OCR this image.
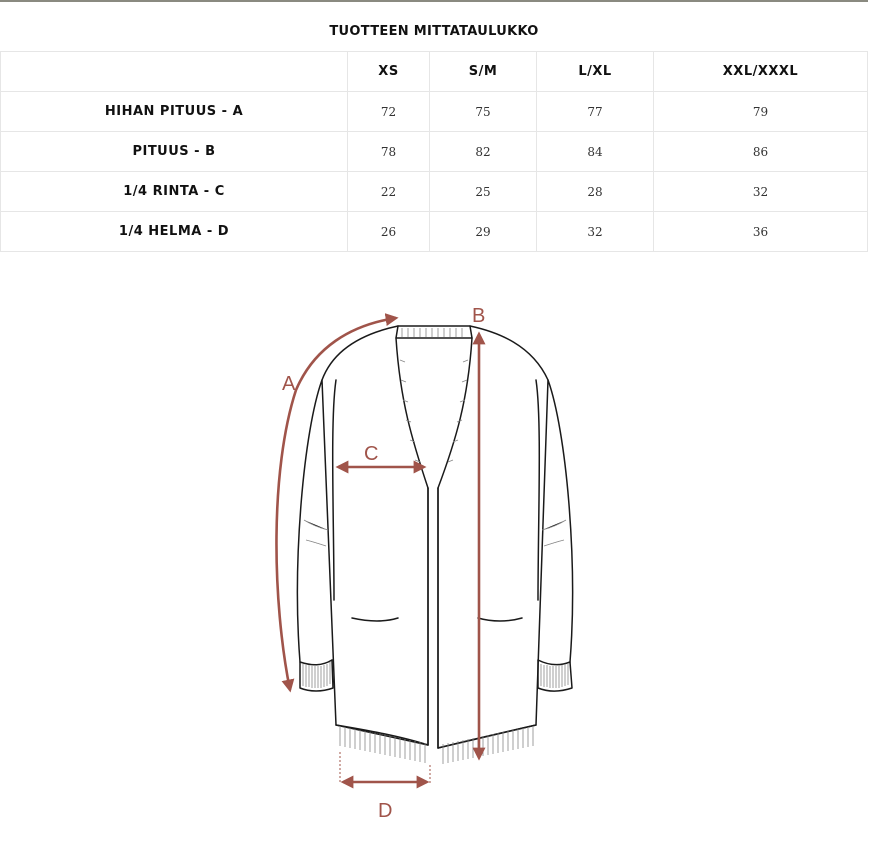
TUOTTEEN MITTATAULUKKO
	XS	S/M	L/XL	XXL/XXXL
HIHAN PITUUS - A	72	75	77	79
PITUUS - B	78	82	84	86
1/4 RINTA - C	22	25	28	32
1/4 HELMA - D	26	29	32	36
A
B
C
D
